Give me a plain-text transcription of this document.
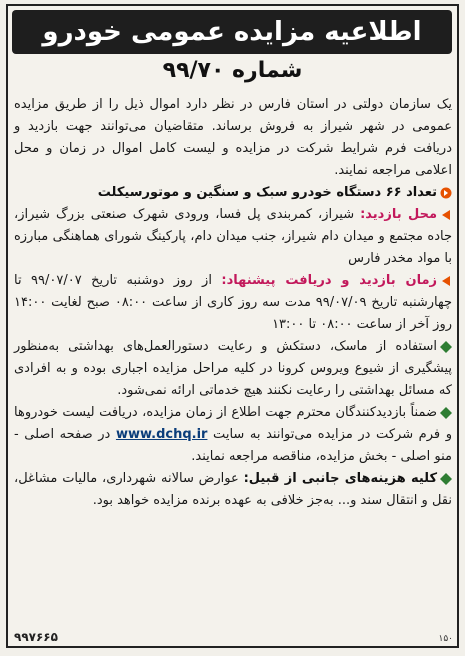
اطلاعیه مزایده عمومی خودرو
شماره ۹۹/۷۰

یک سازمان دولتی در استان فارس در نظر دارد اموال ذیل را از طریق مزایده عمومی در شهر شیراز به فروش برساند. متقاضیان می‌توانند جهت بازدید و دریافت فرم شرایط شرکت در مزایده و لیست کامل اموال در زمان و محل اعلامی مراجعه نمایند.

تعداد ۶۶ دستگاه خودرو سبک و سنگین و موتورسیکلت

محل بازدید: شیراز، کمربندی پل فسا، ورودی شهرک صنعتی بزرگ شیراز، جاده مجتمع و میدان دام شیراز، جنب میدان دام، پارکینگ شورای هماهنگی مبارزه با مواد مخدر فارس

زمان بازدید و دریافت پیشنهاد: از روز دوشنبه تاریخ ۹۹/۰۷/۰۷ تا چهارشنبه تاریخ ۹۹/۰۷/۰۹ مدت سه روز کاری از ساعت ۰۸:۰۰ صبح لغایت ۱۴:۰۰ روز آخر از ساعت ۰۸:۰۰ تا ۱۳:۰۰

استفاده از ماسک، دستکش و رعایت دستورالعمل‌های بهداشتی به‌منظور پیشگیری از شیوع ویروس کرونا در کلیه مراحل مزایده اجباری بوده و به افرادی که مسائل بهداشتی را رعایت نکنند هیچ خدماتی ارائه نمی‌شود.

ضمناً بازدیدکنندگان محترم جهت اطلاع از زمان مزایده، دریافت لیست خودروها و فرم شرکت در مزایده می‌توانند به سایت www.dchq.ir در صفحه اصلی - منو اصلی - بخش مزایده، مناقصه مراجعه نمایند.

کلیه هزینه‌های جانبی از قبیل: عوارض سالانه شهرداری، مالیات مشاغل، نقل و انتقال سند و... به‌جز خلافی به عهده برنده مزایده خواهد بود.

۹۹۷۶۶۵	۱۵۰
